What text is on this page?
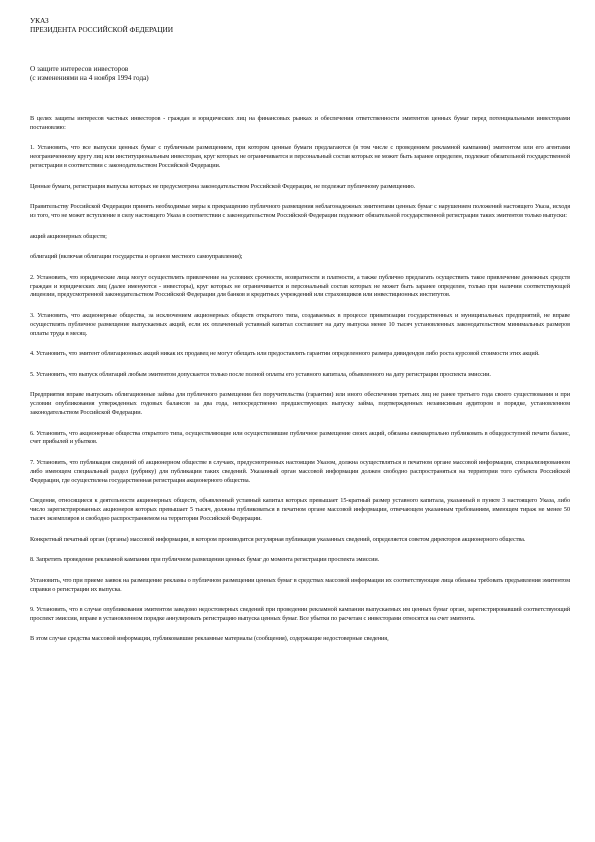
УКАЗ
ПРЕЗИДЕНТА РОССИЙСКОЙ ФЕДЕРАЦИИ
О защите интересов инвесторов
(с изменениями на 4 ноября 1994 года)

В целях защиты интересов частных инвесторов - граждан и юридических лиц на финансовых рынках и обеспечения ответственности эмитентов ценных бумаг перед потенциальными инвесторами постановляю:

1. Установить, что все выпуски ценных бумаг с публичным размещением, при котором ценные бумаги предлагаются (в том числе с проведением рекламной кампании) эмитентом или его агентами неограниченному кругу лиц или институциональным инвесторам, круг которых не ограничивается и персональный состав которых не может быть заранее определен, подлежат обязательной государственной регистрации в соответствии с законодательством Российской Федерации.

Ценные бумаги, регистрация выпуска которых не предусмотрена законодательством Российской Федерации, не подлежат публичному размещению.

Правительству Российской Федерации принять необходимые меры к прекращению публичного размещения неблагонадежных эмитентами ценных бумаг с нарушением положений настоящего Указа, исходя из того, что не может вступление в силу настоящего Указа в соответствии с законодательством Российской Федерации подлежит обязательной государственной регистрации таких эмитентов только выпуски:

акций акционерных обществ;

облигаций (включая облигации государства и органов местного самоуправления);

2. Установить, что юридические лица могут осуществлять привлечение на условиях срочности, возвратности и платности, а также публично предлагать осуществить такое привлечение денежных средств граждан и юридических лиц (далее именуются - инвесторы), круг которых не ограничивается и персональный состав которых не может быть заранее определен, только при наличии соответствующей лицензии, предусмотренной законодательством Российской Федерации для банков и кредитных учреждений или страховщиков или инвестиционных институтов.

3. Установить, что акционерные общества, за исключением акционерных обществ открытого типа, создаваемых в процессе приватизации государственных и муниципальных предприятий, не вправе осуществлять публичное размещение выпускаемых акций, если их оплаченный уставный капитал составляет на дату выпуска менее 10 тысяч установленных законодательством минимальных размеров оплаты труда в месяц.

4. Установить, что эмитент облигационных акций никак их продавец не могут обещать или предоставлять гарантии определенного размера дивидендов либо роста курсовой стоимости этих акций.

5. Установить, что выпуск облигаций любым эмитентом допускается только после полной оплаты его уставного капитала, объявленного на дату регистрации проспекта эмиссии.

Предприятия вправе выпускать облигационные займы для публичного размещения без поручительства (гарантии) или иного обеспечения третьих лиц не ранее третьего года своего существования и при условии опубликования утвержденных годовых балансов за два года, непосредственно предшествующих выпуску займа, подтвержденных независимым аудитором в порядке, установленном законодательством Российской Федерации.

6. Установить, что акционерные общества открытого типа, осуществляющие или осуществлявшие публичное размещение своих акций, обязаны ежеквартально публиковать в общедоступной печати баланс, счет прибылей и убытков.

7. Установить, что публикация сведений об акционерном обществе в случаях, предусмотренных настоящим Указом, должна осуществляться в печатном органе массовой информации, специализированном либо имеющем специальный раздел (рубрику) для публикации таких сведений. Указанный орган массовой информации должен свободно распространяться на территории того субъекта Российской Федерации, где осуществлена государственная регистрация акционерного общества.

Сведения, относящиеся к деятельности акционерных обществ, объявленный уставный капитал которых превышает 15-кратный размер уставного капитала, указанный в пункте 3 настоящего Указа, либо число зарегистрированных акционеров которых превышает 5 тысяч, должны публиковаться в печатном органе массовой информации, отвечающем указанным требованиям, имеющем тираж не менее 50 тысяч экземпляров и свободно распространяемом на территории Российской Федерации.

Конкретный печатный орган (органы) массовой информации, в котором производится регулярная публикация указанных сведений, определяется советом директоров акционерного общества.

8. Запретить проведение рекламной кампании при публичном размещении ценных бумаг до момента регистрации проспекта эмиссии.

Установить, что при приеме заявок на размещение рекламы о публичном размещении ценных бумаг в средствах массовой информации их соответствующие лица обязаны требовать предъявления эмитентом справки о регистрации их выпуска.

9. Установить, что в случае опубликования эмитентом заведомо недостоверных сведений при проведении рекламной кампании выпускаемых им ценных бумаг орган, зарегистрировавший соответствующий проспект эмиссии, вправе в установленном порядке аннулировать регистрацию выпуска ценных бумаг. Все убытки по расчетам с инвесторами относятся на счет эмитента.

В этом случае средства массовой информации, публиковавшие рекламные материалы (сообщения), содержащие недостоверные сведения,
